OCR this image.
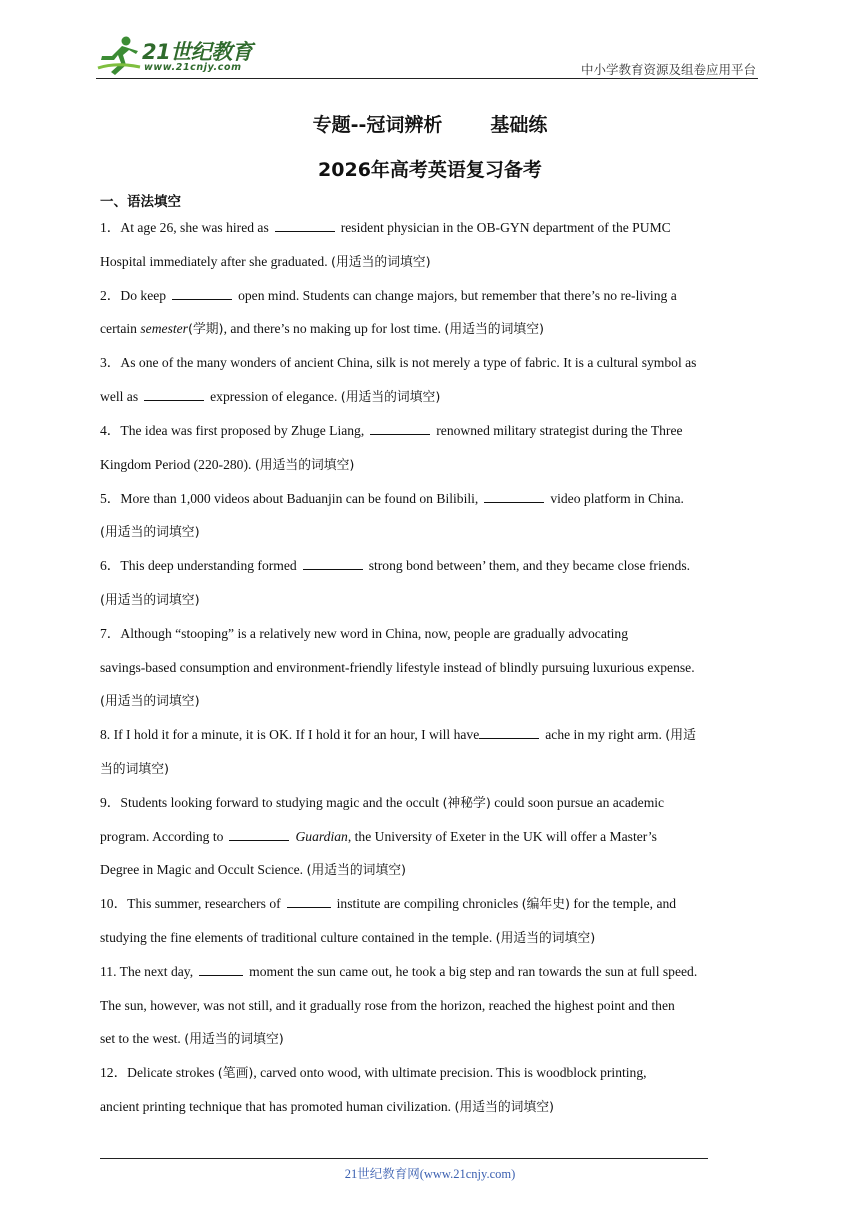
21世纪教育
www.21cnjy.com	中小学教育资源及组卷应用平台
专题--冠词辨析	基础练
2026年高考英语复习备考
一、语法填空
1．At age 26, she was hired as	resident physician in the OB-GYN department of the PUMC
Hospital immediately after she graduated. (用适当的词填空)
2．Do keep	open mind. Students can change majors, but remember that there’s no re-living a
certain semester(学期), and there’s no making up for lost time. (用适当的词填空)
3．As one of the many wonders of ancient China, silk is not merely a type of fabric. It is a cultural symbol as
well as	expression of elegance. (用适当的词填空)
4．The idea was first proposed by Zhuge Liang,	renowned military strategist during the Three
Kingdom Period (220-280). (用适当的词填空)
5．More than 1,000 videos about Baduanjin can be found on Bilibili,	video platform in China.
(用适当的词填空)
6．This deep understanding formed	strong bond between’ them, and they became close friends.
(用适当的词填空)
7．Although “stooping” is a relatively new word in China, now, people are gradually advocating
savings-based consumption and environment-friendly lifestyle instead of blindly pursuing luxurious expense.
(用适当的词填空)
8. If I hold it for a minute, it is OK. If I hold it for an hour, I will have	ache in my right arm. (用适
当的词填空)
9．Students looking forward to studying magic and the occult (神秘学) could soon pursue an academic
program. According to	Guardian, the University of Exeter in the UK will offer a Master’s
Degree in Magic and Occult Science. (用适当的词填空)
10．This summer, researchers of	institute are compiling chronicles (编年史) for the temple, and
studying the fine elements of traditional culture contained in the temple. (用适当的词填空)
11. The next day,	moment the sun came out, he took a big step and ran towards the sun at full speed.
The sun, however, was not still, and it gradually rose from the horizon, reached the highest point and then
set to the west. (用适当的词填空)
12．Delicate strokes (笔画), carved onto wood, with ultimate precision. This is woodblock printing,
ancient printing technique that has promoted human civilization. (用适当的词填空)
21世纪教育网(www.21cnjy.com)
